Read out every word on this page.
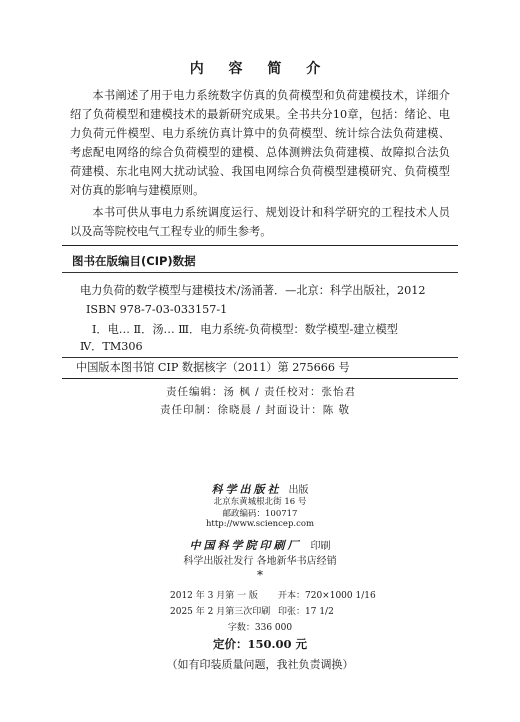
内 容 简 介

本书阐述了用于电力系统数字仿真的负荷模型和负荷建模技术，详细介绍了负荷模型和建模技术的最新研究成果。全书共分10章，包括：绪论、电力负荷元件模型、电力系统仿真计算中的负荷模型、统计综合法负荷建模、考虑配电网络的综合负荷模型的建模、总体测辨法负荷建模、故障拟合法负荷建模、东北电网大扰动试验、我国电网综合负荷模型建模研究、负荷模型对仿真的影响与建模原则。

本书可供从事电力系统调度运行、规划设计和科学研究的工程技术人员以及高等院校电气工程专业的师生参考。

图书在版编目(CIP)数据
电力负荷的数学模型与建模技术/汤涌著．—北京：科学出版社，2012
ISBN 978-7-03-033157-1
Ⅰ．电… Ⅱ．汤… Ⅲ．电力系统-负荷模型：数学模型-建立模型
Ⅳ．TM306
中国版本图书馆 CIP 数据核字（2011）第 275666 号
责任编辑：汤 枫 / 责任校对：张怡君
责任印制：徐晓晨 / 封面设计：陈 敬
科学出版社 出版
北京东黄城根北街 16 号
邮政编码：100717
http://www.sciencep.com
中国科学院印刷厂 印刷
科学出版社发行 各地新华书店经销
*
2012 年 3 月第 一 版 开本：720×1000 1/16
2025 年 2 月第三次印刷 印张：17 1/2
字数：336 000
定价：150.00 元
（如有印装质量问题，我社负责调换）
